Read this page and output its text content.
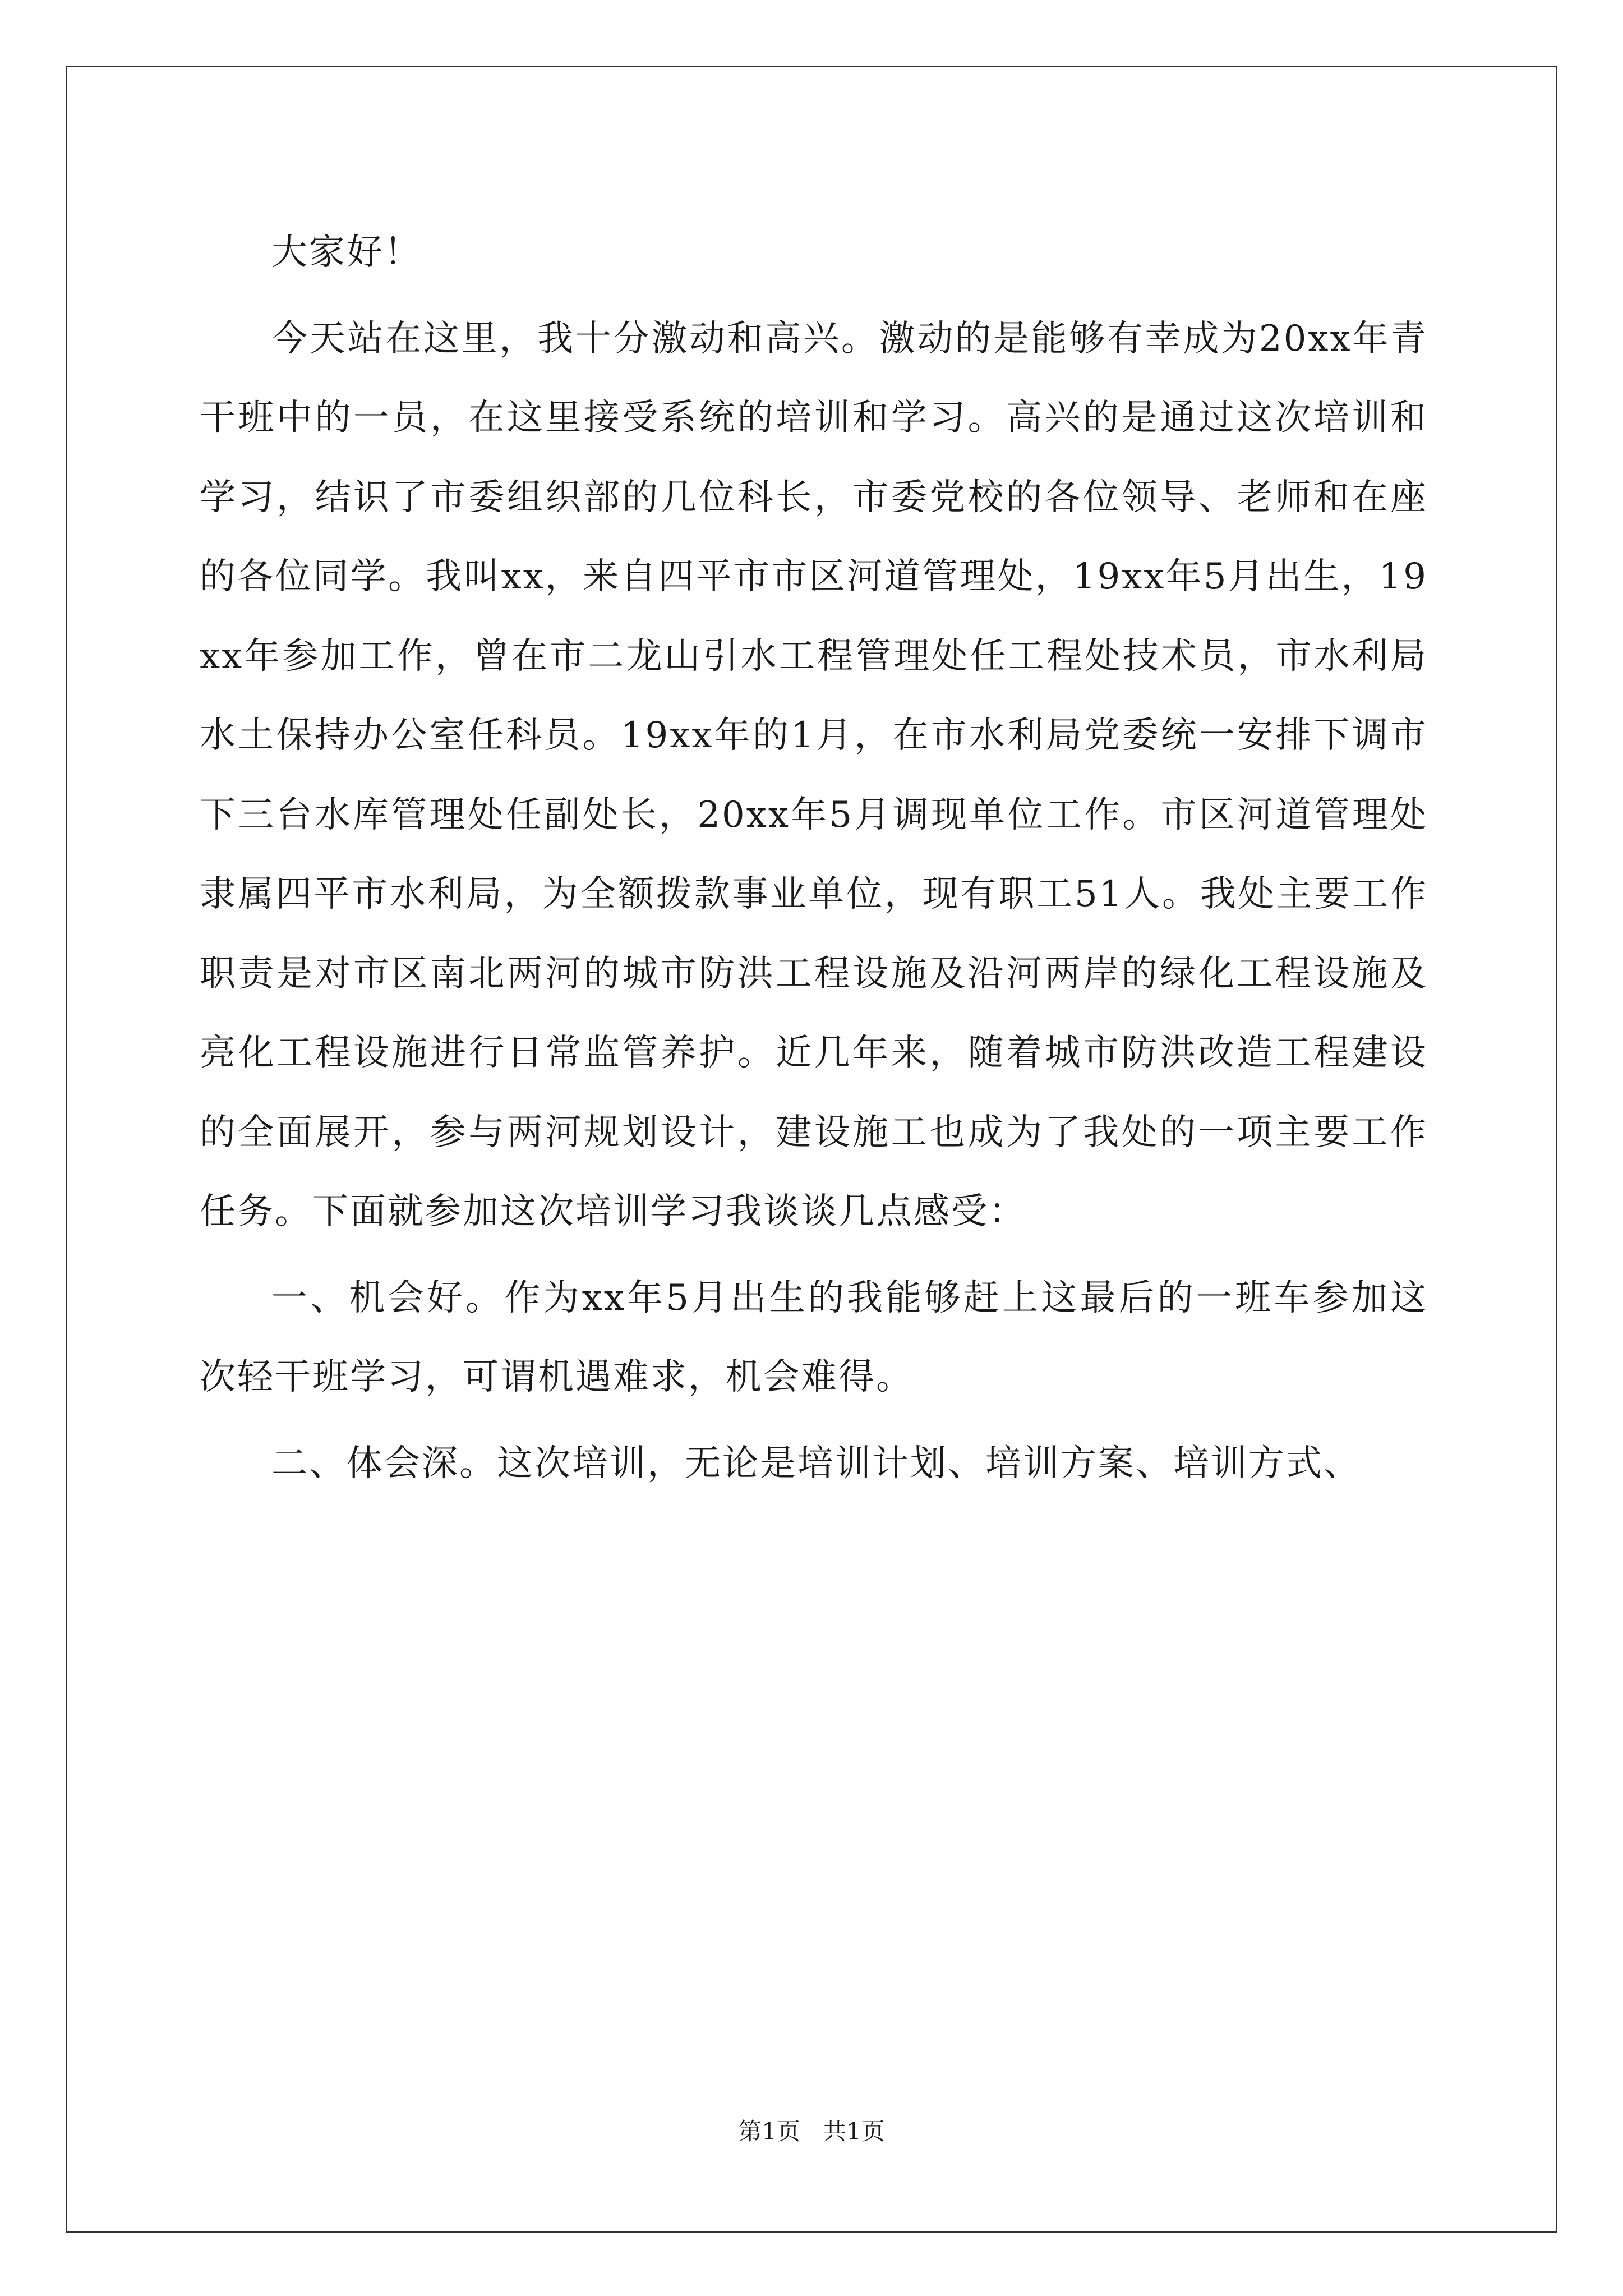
大家好！

今天站在这里，我十分激动和高兴。激动的是能够有幸成为20xx年青干班中的一员，在这里接受系统的培训和学习。高兴的是通过这次培训和学习，结识了市委组织部的几位科长，市委党校的各位领导、老师和在座的各位同学。我叫xx，来自四平市市区河道管理处，19xx年5月出生，19xx年参加工作，曾在市二龙山引水工程管理处任工程处技术员，市水利局水土保持办公室任科员。19xx年的1月，在市水利局党委统一安排下调市下三台水库管理处任副处长，20xx年5月调现单位工作。市区河道管理处隶属四平市水利局，为全额拨款事业单位，现有职工51人。我处主要工作职责是对市区南北两河的城市防洪工程设施及沿河两岸的绿化工程设施及亮化工程设施进行日常监管养护。近几年来，随着城市防洪改造工程建设的全面展开，参与两河规划设计，建设施工也成为了我处的一项主要工作任务。下面就参加这次培训学习我谈谈几点感受：

一、机会好。作为xx年5月出生的我能够赶上这最后的一班车参加这次轻干班学习，可谓机遇难求，机会难得。

二、体会深。这次培训，无论是培训计划、培训方案、培训方式、

第1页 共1页
